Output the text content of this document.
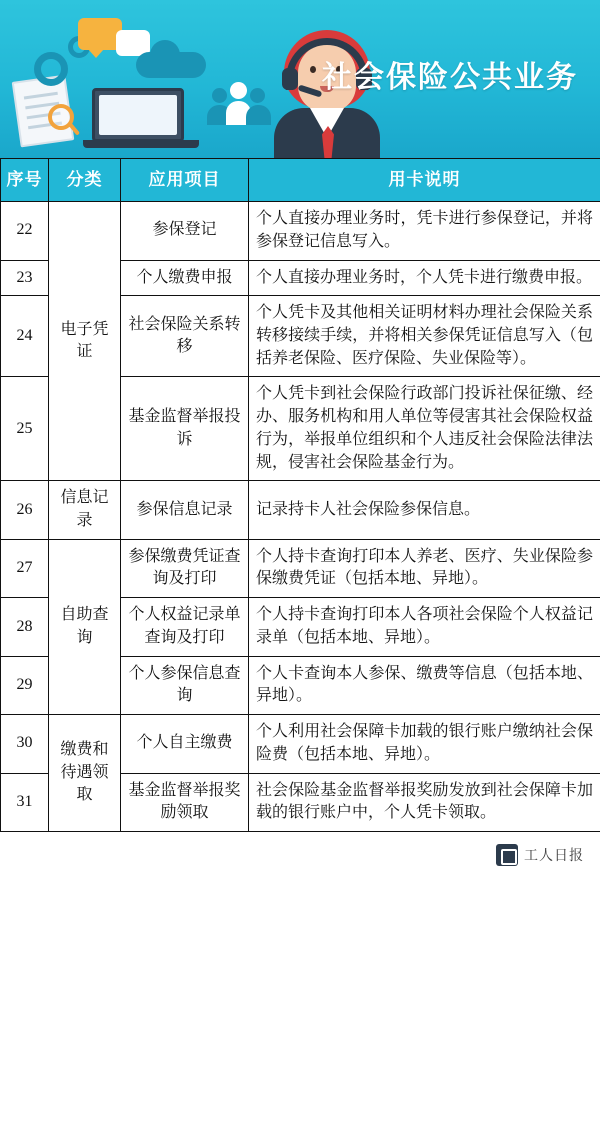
社会保险公共业务
序号	分类	应用项目	用卡说明
22	电子凭证	参保登记	个人直接办理业务时，凭卡进行参保登记，并将参保登记信息写入。
23		个人缴费申报	个人直接办理业务时，个人凭卡进行缴费申报。
24		社会保险关系转移	个人凭卡及其他相关证明材料办理社会保险关系转移接续手续，并将相关参保凭证信息写入（包括养老保险、医疗保险、失业保险等）。
25		基金监督举报投诉	个人凭卡到社会保险行政部门投诉社保征缴、经办、服务机构和用人单位等侵害其社会保险权益行为，举报单位组织和个人违反社会保险法律法规，侵害社会保险基金行为。
26	信息记录	参保信息记录	记录持卡人社会保险参保信息。
27	自助查询	参保缴费凭证查询及打印	个人持卡查询打印本人养老、医疗、失业保险参保缴费凭证（包括本地、异地）。
28		个人权益记录单查询及打印	个人持卡查询打印本人各项社会保险个人权益记录单（包括本地、异地）。
29		个人参保信息查询	个人卡查询本人参保、缴费等信息（包括本地、异地）。
30	缴费和待遇领取	个人自主缴费	个人利用社会保障卡加载的银行账户缴纳社会保险费（包括本地、异地）。
31		基金监督举报奖励领取	社会保险基金监督举报奖励发放到社会保障卡加载的银行账户中，个人凭卡领取。
工人日报
